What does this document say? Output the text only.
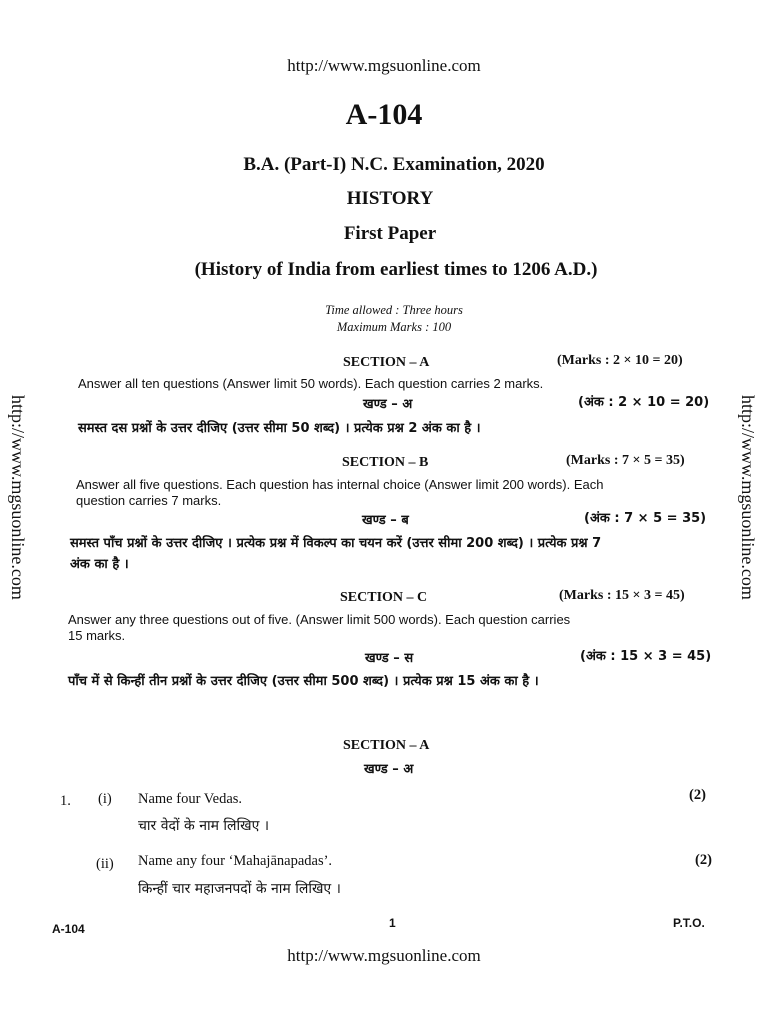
http://www.mgsuonline.com
A-104
B.A. (Part-I) N.C. Examination, 2020
HISTORY
First Paper
(History of India from earliest times to 1206 A.D.)
Time allowed : Three hours
Maximum Marks : 100
http://www.mgsuonline.com	http://www.mgsuonline.com
SECTION – A	(Marks : 2 × 10 = 20)
Answer all ten questions (Answer limit 50 words). Each question carries 2 marks.
खण्ड – अ	(अंक : 2 × 10 = 20)
समस्त दस प्रश्नों के उत्तर दीजिए (उत्तर सीमा 50 शब्द) । प्रत्येक प्रश्न 2 अंक का है ।
SECTION – B	(Marks : 7 × 5 = 35)
Answer all five questions. Each question has internal choice (Answer limit 200 words). Each
question carries 7 marks.
खण्ड – ब	(अंक : 7 × 5 = 35)
समस्त पाँच प्रश्नों के उत्तर दीजिए । प्रत्येक प्रश्न में विकल्प का चयन करें (उत्तर सीमा 200 शब्द) । प्रत्येक प्रश्न 7
अंक का है ।
SECTION – C	(Marks : 15 × 3 = 45)
Answer any three questions out of five. (Answer limit 500 words). Each question carries
15 marks.
खण्ड – स	(अंक : 15 × 3 = 45)
पाँच में से किन्हीं तीन प्रश्नों के उत्तर दीजिए (उत्तर सीमा 500 शब्द) । प्रत्येक प्रश्न 15 अंक का है ।
SECTION – A
खण्ड – अ
1. (i) Name four Vedas.	(2)
चार वेदों के नाम लिखिए ।
(ii) Name any four ‘Mahajānapadas’.	(2)
किन्हीं चार महाजनपदों के नाम लिखिए ।
A-104	1	P.T.O.
http://www.mgsuonline.com
